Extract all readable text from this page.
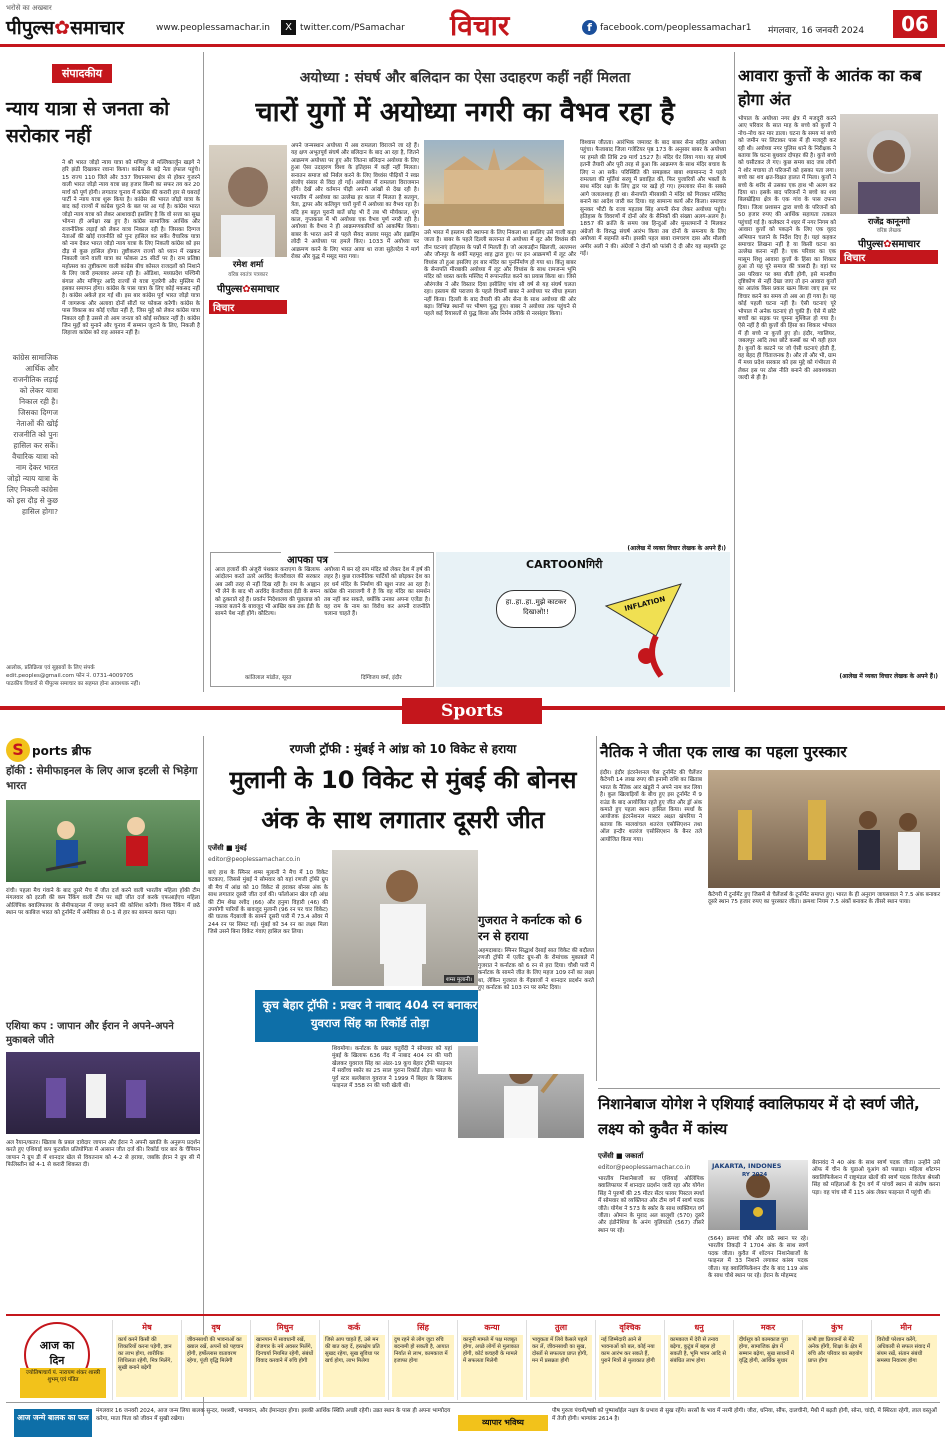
भरोसे का अखबार
पीपुल्स✿समाचार	www.peoplessamachar.in	X twitter.com/PSamachar विचार	f facebook.com/peoplessamachar1 मंगलवार, 16 जनवरी 2024	06
संपादकीय
न्याय यात्रा से जनता को सरोकार नहीं
ने श्री भारत जोड़ो न्याय यात्रा को मणिपुर से मल्लिकार्जुन खड़गे ने हरि झंडी दिखाकर रवाना किया। कांग्रेस के बड़े नेता इंफाल पहुंचे। 15 राज्य 110 जिले और 337 विधानसभा क्षेत्र से होकर गुजरने वाली भारत जोड़ो न्याय यात्रा छह हजार किमी का सफर तय कर 20 मार्च को पूर्ण होगी। लगातार चुनाव में कांग्रेस की करारी हार से घबराई पार्टी ने न्याय यात्रा शुरू किया है। कांग्रेस की भारत जोड़ो यात्रा के बाद कई राज्यों में कांग्रेस घुटने के बल पर आ गई है। कांग्रेस भारत जोड़ो न्याय यात्रा को लेकर आशावादी इसलिए है कि वो सत्ता का सुख भोगना ही अपेक्षा रख हुए है। कांग्रेस सामाजिक आर्थिक और राजनीतिक लड़ाई को लेकर यात्रा निकाल रही है। जिसका दिग्गज नेताओं की खोई राजनीति को पुनः हासिल कर सकें। वैचारिक यात्रा को नाम देकर भारत जोड़ो न्याय यात्रा के लिए निकली कांग्रेस को इस दौड़ से कुछ हासिल होगा। तुष्टीकरण राज्यों को ध्यान में रखकर निकाली जाने वाली यात्रा का फोकस 25 सीटों पर है। राम प्रतिष्ठा महोत्सव का तुष्टीकरण वाली कांग्रेस बीच कोसल राजदलों को निशाने के लिए जारी हमलावर अपना रही है। ओडिशा, मध्यप्रदेश पश्चिमी बंगाल और मणिपुर आदि राज्यों से यात्रा गुजरेगी और मुस्लिम में इसका समापन होगा। कांग्रेस के पास यात्रा के लिए कोई मकसद नहीं है। कांग्रेस अकेले हार गई थी। इस बार कांग्रेस पूर्व भारत जोड़ो यात्रा में जागरूक और अलावा दोनों सीटों पर फोकस करेगी। कांग्रेस के पास विकास का कोई एजेंडा नहीं है, जिस मुद्दे को लेकर कांग्रेस यात्रा निकाल रही है उससे तो आम जनता को कोई सरोकार नहीं है। कांग्रेस जिन मुद्दों को मुनाने और चुनाव में सम्मान जुटाने के लिए, निकली है लिहाजा कांग्रेस को राह आसान नहीं है।
कांग्रेस सामाजिक आर्थिक और राजनीतिक लड़ाई को लेकर यात्रा निकाल रही है। जिसका दिग्गज नेताओं की खोई राजनीति को पुनः हासिल कर सकें। वैचारिक यात्रा को नाम देकर भारत जोड़ो न्याय यात्रा के लिए निकली कांग्रेस को इस दौड़ से कुछ हासिल होगा?
आलोक, प्रतिक्रिया एवं सुझावों के लिए संपर्क
edit.peoples@gmail.com फोन नं. 0731-4009705
पाठकीय विचारों से पीपुल्स समाचार का सहमत होना आवश्यक नहीं।
अयोध्या : संघर्ष और बलिदान का ऐसा उदाहरण कहीं नहीं मिलता
चारों युगों में अयोध्या नगरी का वैभव रहा है
रमेश शर्मा
वरिष्ठ स्वतंत्र पत्रकार
पीपुल्स✿समाचार
विचार
अपने जन्मस्थान अयोध्या में अब रामलला विराजने जा रहे हैं। यह क्षण अभूतपूर्व संघर्ष और बलिदान के बाद आ रहा है, जितने आक्रमण अयोध्या पर हुए और जितना बलिदान अयोध्या के लिए हुआ ऐसा उदाहरण विश्व के इतिहास में कहीं नहीं मिलता। सनातन समाज को निर्बल करने के लिए विध्वंस पीढ़ियों ने स्वप्न संजोए संसार से विदा हो गईं। अयोध्या में रामलला विराजमान होंगे। देखें और वर्तमान पीढ़ी अपनी आंखों से देख रही है। भारतीय में अयोध्या का उल्लेख हर काल में मिलता है सतयुग, त्रेता, द्वापर और कलियुग चारों युगों में अयोध्या का वैभव रहा है। यदि हम बहुत पुरानी बातें छोड़ भी दें तब भी मौर्यकाल, शुंग काल, गुप्तकाल में भी अयोध्या एक वैभव पूर्ण नगरी रही है। अयोध्या के वैभव ने ही आक्रमणकारियों को आकर्षित किया। बाबर के भारत आने से पहले सैयद सालार मसूद और इब्राहिम लोदी ने अयोध्या पर हमले किए। 1033 में अयोध्या पर आक्रमण करने के लिए भारत आया था राजा सुहेलदेव ने मार्ग रोका और युद्ध में मसूद मारा गया।
उसे भारत में इस्लाम की स्थापना के लिए निकला था इसलिए उसे गाजी कहा जाता है। बाबर के पहले दिल्ली सल्तनत से अयोध्या में लूट और विध्वंस की तीन घटनाएं इतिहास के पन्नों में मिलती हैं। जो अलाउद्दीन खिलजी, अल्तमश और जौनपुर के शर्की महमूद शाह द्वारा हुए। पर इन आक्रमणों में लूट और विध्वंस तो हुआ इसलिए हर बार मंदिर का पुनर्निर्माण हो गया था। किंतु बाबर के सेनापति मीरबाकी अयोध्या में लूट और विध्वंस के साथ रामजन्म भूमि मंदिर को ध्वस्त करके मस्जिद में रूपान्तरित करने का प्रयास किया था। जिसे औरंगजेब ने और विस्तार दिया इसीलिए पांच सौ वर्ष से यह संघर्ष चलता रहा। इस्लाम की पराजय के पहले विधर्मी बाबर ने अयोध्या पर सीधा हमला नहीं किया। दिल्ली के बाद तैयारी की और सेना के साथ अयोध्या की ओर बढ़ा। विभिन्न स्थानों पर भीषण युद्ध हुए। बाबर ने अयोध्या तक पहुंचने से पहले कई रियासतों से युद्ध किया और निर्मम तरीके से नरसंहार किया।
विश्वास जीतता। आरंभिक जमावट के बाद बाबर सेना सहित अयोध्या पहुंचा। फैजाबाद जिला गजेटियर पृष्ठ 173 के अनुसार बाबर के अयोध्या पर हमले की तिथि 29 मार्च 1527 है। मंदिर घेर लिया गया। यह संघर्ष इतनी तैयारी और पूरी तरह से हुआ कि आक्रमण के साथ मंदिर बचाव के लिए न आ सकें। परिस्थिति की समझकर बाबा श्यामानन्द ने पहले रामलला की मूर्तियां सरयू में प्रवाहित कीं, फिर पुजारियों और भक्तों के साथ मंदिर रक्षा के लिए द्वार पर खड़े हो गए। हमलावर सेना के सबसे आगे जलालशाह ही था। सेनापति मीरबाकी ने मंदिर को गिराकर मस्जिद बनाने का आदेश जारी कर दिया। वह सामान्य कार्य और किला। समाचार सुनकर भीटी के राजा महताब सिंह अपनी सेना लेकर अयोध्या पहुंचे। इतिहास के विवरणों में दोनों ओर के सैनिकों की संख्या अलग-अलग है। 1857 की क्रांति के समय जब हिन्दुओं और मुसलमानों ने मिलकर अंग्रेजों के विरुद्ध संघर्ष आरंभ किया तब दोनों के समन्वय के लिए अयोध्या में सहमति बनी। इसकी पहल बाबा रामचरण दास और मौलवी अमीर अली ने की। अंग्रेजों ने दोनों को फांसी दे दी और यह सहमति टूट गई।
(आलेख में व्यक्त विचार लेखक के अपने हैं।)
आपका पत्र
आज हजारों की अंजुरी पंथकार कराएगा के खिलाफ आंदोलन करते उतरे अरविंद केजरीवाल की सरकार अब उसी तरह से नहीं दिख रही है। राम के आह्वान भी लेने के बाद भी अरविंद केजरीवाल ईडी के समन को ठुकराते रहे हैं। प्रवर्तन निदेशालय की पूछताछ को नकारा बताने के बावजूद भी आखिर कब तक ईडी के सामने पेश नहीं होंगे। कौटिल्य।
कांतिलाल मांडोत, सूरत
अयोध्या में बन रहे राम मंदिर को लेकर देश में हर्ष की लहर है। कुछ राजनीतिक पार्टियों को छोड़कर देश का हर धर्म मंदिर के निर्माण की खुश नजर आ रहा है। कांग्रेस की नाराजगी ये है कि वह मंदिर का समर्थन तब नहीं कर सकते, क्योंकि उनका अपना एजेंडा है। वह राम के नाम का विरोध कर अपनी राजनीति चलाना चाहते हैं।
दिग्विजय वर्मा, इंदौर
CARTOONगिरी
हा..हा..हा..मुझे काटकर दिखाओ!!	INFLATION
आवारा कुत्तों के आतंक का कब होगा अंत
भोपाल के अयोध्या नगर क्षेत्र में मजदूरी करने आए परिवार के सात माह के बच्चे को कुत्तों ने नोच-नोच कर मार डाला। घटना के समय मां बच्चे को जमीन पर लिटाकर पास में ही मजदूरी कर रही थी। अयोध्या नगर पुलिस थाने के निरीक्षक ने बताया कि घटना बुधवार दोपहर की है। कुत्ते बच्चे को घसीटकर ले गए। कुछ समय बाद जब लोगों ने शोर मचाया तो परिजनों को इसका पता लगा। बच्चे का शव क्षत-विक्षत हालत में मिला। कुत्तों ने बच्चे के शरीर से उसका एक हाथ भी अलग कर दिया था। इसके बाद परिजनों ने बच्चे का शव बिलखेड़िया क्षेत्र के एक गांव के पास दफना दिया। जिला प्रशासन द्वारा बच्चे के परिजनों को 50 हजार रुपए की आर्थिक सहायता तत्काल पहुंचाई गई है। कलेक्टर ने शहर में नगर निगम को आवारा कुत्तों को पकड़ने के लिए एक वृहद अभियान चलाने के निर्देश दिए हैं। यहां कहकर समाचार लिखना नहीं है या किसी घटना का उल्लेख करना नहीं है। एक परिवार का एक मासूम शिशु आवारा कुत्तों के हिंसा का शिकार हुआ तो यह पूरे समाज की त्रासदी है। वहां पर उस परिवार पर क्या बीती होगी, इसे मानवीय दृष्टिकोण से नहीं देखा जाए तो इन आवारा कुत्तों का आतंक किस प्रकार खत्म किया जाए इस पर विचार करने का समय तो अब आ ही गया है। यह कोई पहली घटना नहीं है। ऐसी घटनाएं पूरे भोपाल में अनेक घटनाएं हो चुकी हैं। ऐसे में छोटे बच्चों का सड़क पर घूमना मुश्किल हो गया है। ऐसे नहीं है की कुत्तों की हिंसा का शिकार भोपाल में ही बच्चे ना कुत्तों हुए हो। इंदौर, ग्वालियर, जबलपुर आदि तथा छोटे कस्बों का भी यही हाल है। कुत्तों के काटने पर जो ऐसी घटनाएं होती हैं, वह बेहद ही चिंताजनक है। और तो और भी, ग्राम में मध्य प्रदेश सरकार को इस मुद्दे को गंभीरता से लेकर इस पर ठोस नीति बनाने की आवश्यकता जल्दी से ही है।
राजेंद्र कानूनगो
वरिष्ठ लेखक
पीपुल्स✿समाचार
विचार
(आलेख में व्यक्त विचार लेखक के अपने हैं।)
Sports
S ports ब्रीफ
हॉकी : सेमीफाइनल के लिए आज इटली से भिड़ेगा भारत
रांची। पहला मैच गंवाने के बाद दूसरे मैच में जीत दर्ज करने वाली भारतीय महिला हॉकी टीम मंगलवार को इटली की कम रैंकिंग वाली टीम पर बड़ी जीत दर्ज करके एफआईएच महिला ओलिंपिक क्वालिफायर के सेमीफाइनल में जगह बनाने की कोशिश करेगी। विश्व रैंकिंग में छठे स्थान पर काबिज भारत को टूर्नामेंट में अमेरिका से 0-1 से हार का सामना करना पड़ा।
एशिया कप : जापान और ईरान ने अपने-अपने मुकाबले जीते
अल रैयान/कतर। खिताब के प्रबल दावेदार जापान और ईरान ने अपनी ख्याति के अनुरूप प्रदर्शन करते हुए एशियाई कप फुटबॉल प्रतियोगिता में आसान जीत दर्ज की। रिकॉर्ड चार बार के चैंपियन जापान ने ग्रुप डी में शानदार खेल से वियतनाम को 4-2 से हराया, जबकि ईरान ने ग्रुप सी में फिलिस्तीन को 4-1 से करारी शिकस्त दी।
रणजी ट्रॉफी : मुंबई ने आंध्र को 10 विकेट से हराया
मुलानी के 10 विकेट से मुंबई की बोनस अंक के साथ लगातार दूसरी जीत
एजेंसी ■ मुंबई
editor@peoplessamachar.co.in
बाएं हाथ के स्पिनर शम्स मुलानी ने मैच में 10 विकेट चटकाए, जिससे मुंबई ने सोमवार को यहां रणजी ट्रॉफी ग्रुप बी मैच में आंध्र को 10 विकेट से हराकर बोनस अंक के साथ लगातार दूसरी जीत दर्ज की। फॉलोआन खेल रही आंध्र की टीम शेख रशीद (66) और हनुमा विहारी (46) की उपयोगी पारियों के बावजूद मुलानी (96 रन पर चार विकेट) की घातक गेंदबाजी के सामने दूसरी पारी में 73.4 ओवर में 244 रन पर सिमट गई। मुंबई को 34 रन का लक्ष्य मिला जिसे उसने बिना विकेट गंवाए हासिल कर लिया।
शम्स मुलानी।
कूच बेहार ट्रॉफी : प्रखर ने नाबाद 404 रन बनाकर युवराज सिंह का रिकॉर्ड तोड़ा
शिवमोगा। कर्नाटक के प्रखर चतुर्वेदी ने सोमवार को यहां मुंबई के खिलाफ 636 गेंद में नाबाद 404 रन की पारी खेलकर युवराज सिंह का अंडर-19 कूच बेहार ट्रॉफी फाइनल में सर्वोच्च स्कोर का 25 साल पुराना रिकॉर्ड तोड़ा। भारत के पूर्व स्टार बल्लेबाज युवराज ने 1999 में बिहार के खिलाफ फाइनल में 358 रन की पारी खेली थी।
गुजरात ने कर्नाटक को 6 रन से हराया
नैतिक ने जीता एक लाख का पहला पुरस्कार
इंदौर। इंदौर इंटरनेशनल चेस टूर्नामेंट की चैलेंजर कैटेगरी 14 लाख रुपए की इनामी राशि का खिताब भारत के नैतिक आर खंडूरी ने अपने नाम कर लिया है। कुल खिलाड़ियों के बीच हुए इस टूर्नामेंट में 9 राउंड के बाद आयोजित रहते हुए जीत और ड्रॉ अंक कमाते हुए पहला स्थान हासिल किया। स्पर्धा के आयोजक इंटरनेशनल मास्टर अक्षत खंपरिया ने बताया कि मालवांचल शतरंज एसोसिएशन तथा ऑल इन्दौर शतरंज एसोसिएशन के बैनर तले आयोजित किया गया।
कैटेगरी में टूर्नामेंट हुए जिसमें से चैलेंजर्स के टूर्नामेंट समाप्त हुए। भारत के ही अनुराग जायसवाल ने 7.5 अंक बनाकर दूसरे स्थान 75 हजार रुपए का पुरस्कार जीता। क्रमशः नियम 7.5 अंकों बनाकर के तीसरे स्थान पाया।
अहमदाबाद। स्पिनर सिद्धार्थ देसाई सात विकेट की बदौलत रणजी ट्रॉफी में एलीट ग्रुप-सी के रोमांचक मुकाबले में गुजरात ने कर्नाटक को 6 रन से हरा दिया। चौथी पारी में कर्नाटक के सामने जीत के लिए महज 109 रनों का लक्ष्य था, लेकिन गुजरात के गेंदबाजों ने शानदार प्रदर्शन करते हुए कर्नाटक को 103 रन पर समेट दिया।
निशानेबाज योगेश ने एशियाई क्वालिफायर में दो स्वर्ण जीते, लक्ष्य को कुवैत में कांस्य
एजेंसी ■ जकार्ता
editor@peoplessamachar.co.in
भारतीय निशानेबाजों का एशियाई ओलिंपिक क्वालिफायर में शानदार प्रदर्शन जारी रहा और योगेश सिंह ने पुरुषों की 25 मीटर सेंटर फायर पिस्टल स्पर्धा में सोमवार को व्यक्तिगत और टीम वर्ग में स्वर्ण पदक जीते। योगेश ने 573 के स्कोर के साथ व्यक्तिगत वर्ग जीता। ओमान के मुराद अल बालूशी (570) दूसरे और इंडोनेशिया के अनंग युलियांतो (567) तीसरे स्थान पर रहे।
JAKARTA, INDONES
RY 2024
(564) क्रमशः चौथे और छठे स्थान पर रहे। भारतीय तिकड़ी ने 1704 अंक के साथ स्वर्ण पदक जीता। कुवैत में शॉटगन निशानेबाजों के फाइनल में 33 निशाने लगाकर कांस्य पदक जीता। यह क्वालिफिकेशन दौर के बाद 119 अंक के साथ चौथे स्थान पर रहे। ईरान के मोहम्मद
बेरानवंद ने 40 अंक के साथ स्वर्ण पदक जीता। उन्होंने उसे ऑफ में चीन के युडाओ यूआंग को पछाड़ा। महिला शॉटगन क्वालिफिकेशन में राष्ट्रमंडल खेलों की स्वर्ण पदक विजेता श्रेयसी सिंह को महिलाओं के ट्रैप वर्ग में पांचवें स्थान से संतोष करना पड़ा। वह पांच सौ में 115 अंक लेकर फाइनल में पहुंची थीं।
आज का
दिन
ज्योतिषाचार्य पं. नारायण शंकर शास्त्री शुभम् एवं पंडित
मेष
कार्य करने किसी की शिकारियों करना पड़ेगी, ज्ञान का लाभ होगा, शारीरिक शिथिलता रहेगी, मित्र मिलेंगे, सुखी बनाने बढ़ेगी
वृष
जीवनसाथी की भावनाओं का ख्याल रखें, अपनों को पहचान होगी, हर्षोल्लास वातावरण रहेगा, पूंजी वृद्धि मिलेगी
मिथुन
खानपान में सावधानी रखें, रोजगार के नये अवसर मिलेंगे, दिनचर्या नियमित रहेगी, संबंधों विवाद करवाने में रुचि होगी
कर्क
जिसे आप चाहते हैं, उसे मन की बात कह दें, हस्तक्षेप प्रति सुखद रहेगा, सुख सुविधा पर खर्च होगा, लाभ मिलेगा
सिंह
दुष रहने से लोग जुटा रुचि बदनामी हो सकती है, आयात निर्यात से लाभ, कामकाज में इजाफा होगा
कन्या
कानूनी मामले में पक्ष मजबूत होगा, अच्छे लोगों से मुलाकात होगी, कोर्ट कचहरी के मामले में सफलता मिलेगी
तुला
भावुकता में लिये कैसले पहले कर लें, जीवनसाथी का सुख, दोस्तों से सफलता प्राप्त होगी, मन में प्रसन्नता होगी
वृश्चिक
नई जिम्मेदारी आने से भावनाओं को बल, कोई नया काम आरंभ कर सकते हैं, पुराने मित्रों से मुलाकात होगी
धनु
कामकाज में देरी से तनाव बढ़ेगा, कुटुंब में बहस हो सकती है, भूमि भवन आदि से संबंधित लाभ होगा
मकर
दीर्घसूत्र को कामकाज पूरा होगा, सामाजिक क्षेत्र में सम्मान बढ़ेगा, सुख साधनों में वृद्धि होगी, आर्थिक सुधार
कुंभ
सभी इष्ट प्रियजनों से मेंटे अनेक होंगी, शिक्षा के क्षेत्र में रुचि और परिवार का सहयोग प्राप्त होगा
मीन
विरोधी परेशान करेंगे, अधिकारी से सफल संवाद में संयम रखें, संतान संबंधी समस्या निवारण होगा
आज जन्मे बालक का फल
मंगलवार 16 जनवरी 2024, आज जन्म लिया बालक सुन्दर, यशस्वी, भाग्यवान, और ईमानदार होगा। इसकी आर्थिक स्थिति अच्छी रहेगी। उन्नत स्थान के पास ही अपना भाग्योदय करेगा, माता पिता को जीवन में सुखी रखेगा।	व्यापार भविष्य
पौष गुरुत्व पंचमी/षष्ठी को पुष्पार्थाईल नक्षत्र के प्रभाव से सुख रहेंगे। सरसों के भाव में नरमी होगी। जीरा, धनिया, सौंफ, दालचीनी, मैथी में बढ़ती होगी, सोना, चांदी, में स्थिरता रहेगी, लाल वस्तुओं में तेजी होगी। भाग्यांक 2614 है।
